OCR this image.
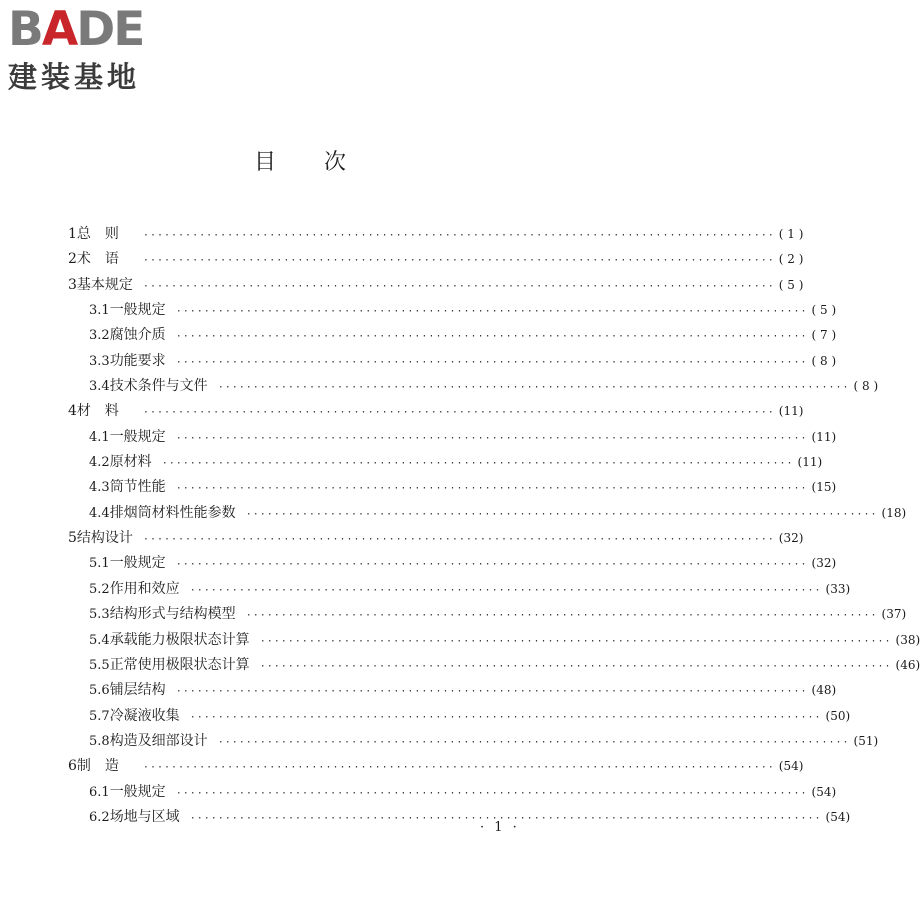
BADE
建装基地
目次
1 总则	·························································································· ( 1 )
2 术语	·························································································· ( 2 )
3 基本规定	·························································································· ( 5 )
3.1 一般规定	·························································································· ( 5 )
3.2 腐蚀介质	·························································································· ( 7 )
3.3 功能要求	·························································································· ( 8 )
3.4 技术条件与文件	·························································································· ( 8 )
4 材料	·························································································· (11)
4.1 一般规定	·························································································· (11)
4.2 原材料	·························································································· (11)
4.3 筒节性能	·························································································· (15)
4.4 排烟筒材料性能参数	·························································································· (18)
5 结构设计	·························································································· (32)
5.1 一般规定	·························································································· (32)
5.2 作用和效应	·························································································· (33)
5.3 结构形式与结构模型	·························································································· (37)
5.4 承载能力极限状态计算	·························································································· (38)
5.5 正常使用极限状态计算	·························································································· (46)
5.6 铺层结构	·························································································· (48)
5.7 冷凝液收集	·························································································· (50)
5.8 构造及细部设计	·························································································· (51)
6 制造	·························································································· (54)
6.1 一般规定	·························································································· (54)
6.2 场地与区域	·························································································· (54)
· 1 ·
